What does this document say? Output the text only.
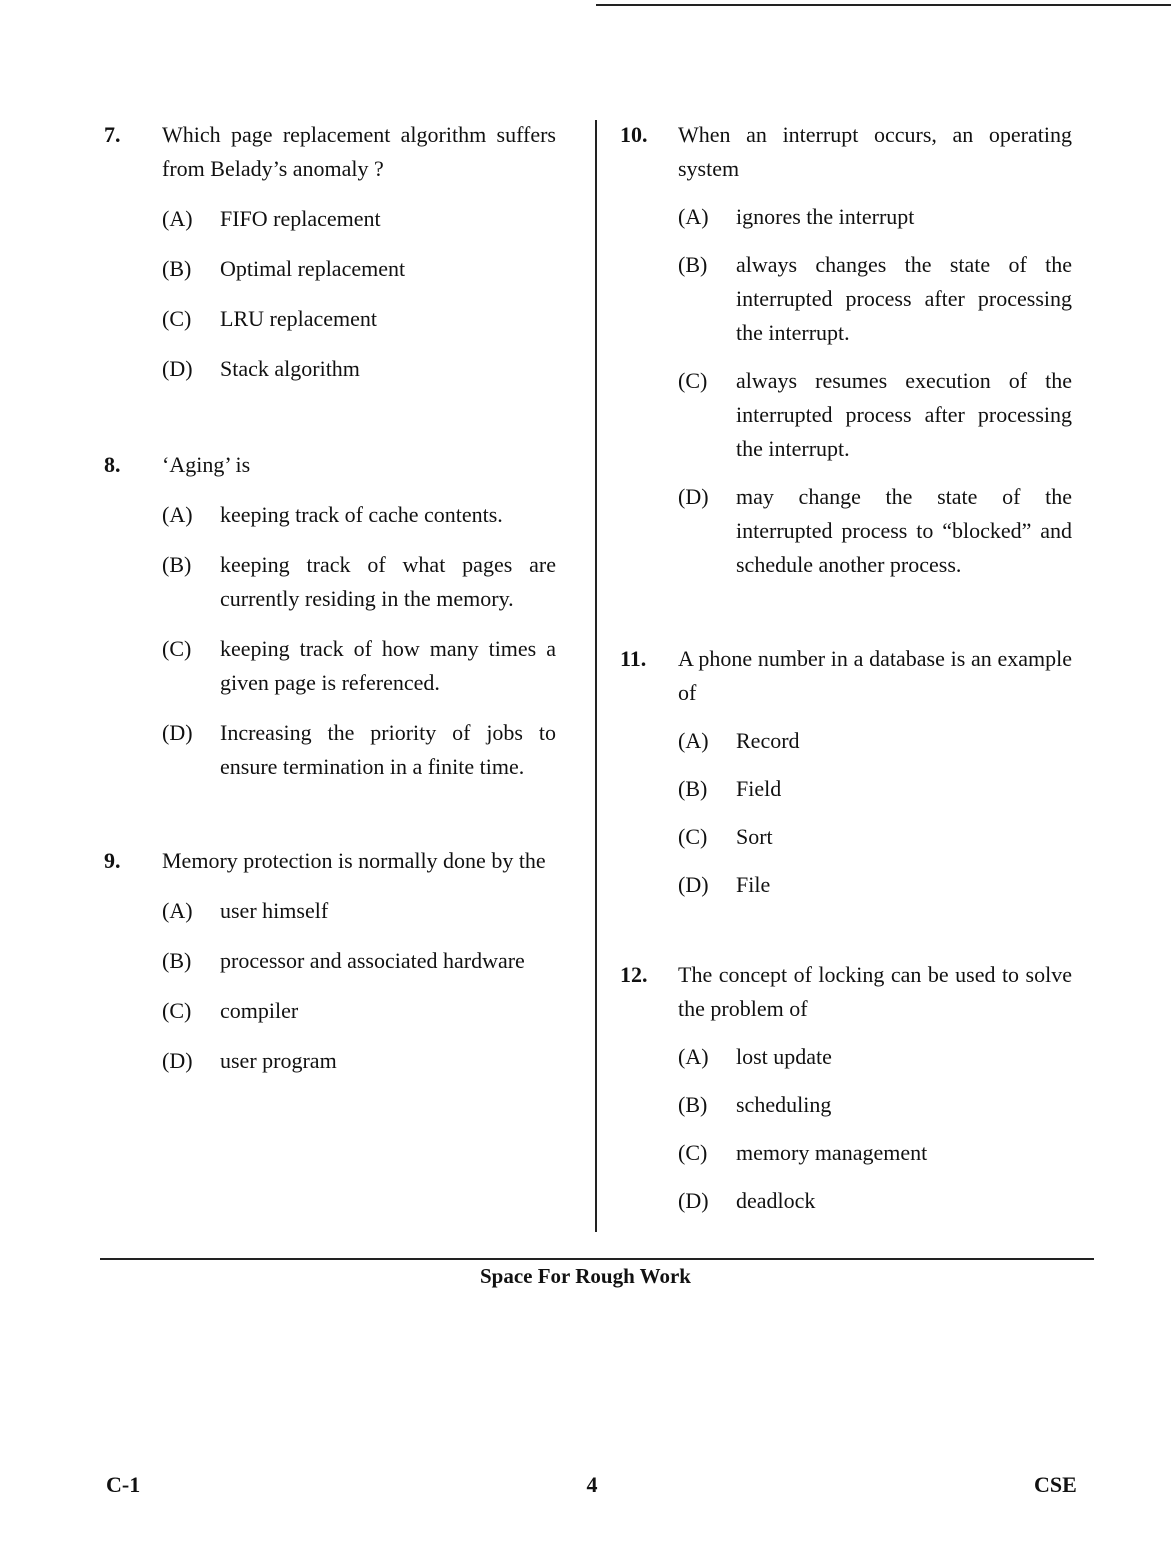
7.	Which page replacement algorithm suffers from Belady’s anomaly ?
(A)	FIFO replacement
(B)	Optimal replacement
(C)	LRU replacement
(D)	Stack algorithm
8.	‘Aging’ is
(A)	keeping track of cache contents.
(B)	keeping track of what pages are currently residing in the memory.
(C)	keeping track of how many times a given page is referenced.
(D)	Increasing the priority of jobs to ensure termination in a finite time.
9.	Memory protection is normally done by the
(A)	user himself
(B)	processor and associated hardware
(C)	compiler
(D)	user program
10.	When an interrupt occurs, an operating system
(A)	ignores the interrupt
(B)	always changes the state of the interrupted process after processing the interrupt.
(C)	always resumes execution of the interrupted process after processing the interrupt.
(D)	may change the state of the interrupted process to “blocked” and schedule another process.
11.	A phone number in a database is an example of
(A)	Record
(B)	Field
(C)	Sort
(D)	File
12.	The concept of locking can be used to solve the problem of
(A)	lost update
(B)	scheduling
(C)	memory management
(D)	deadlock
Space For Rough Work
C-1	4	CSE
